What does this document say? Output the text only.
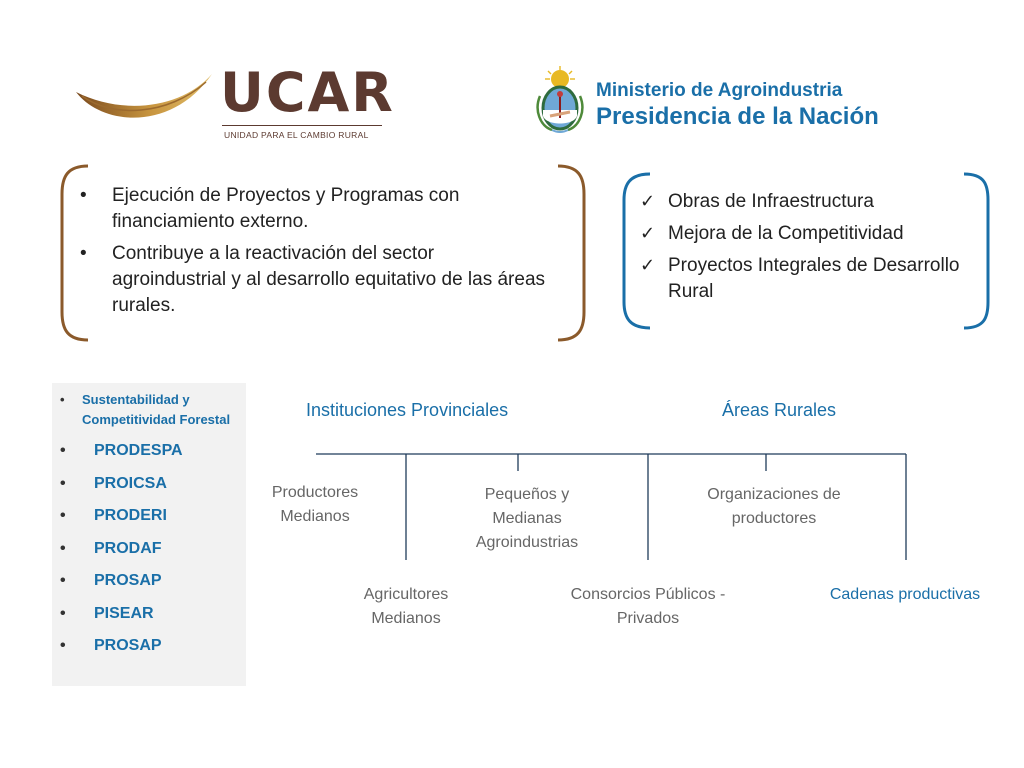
UCAR
UNIDAD PARA EL CAMBIO RURAL
Ministerio de Agroindustria
Presidencia de la Nación
• Ejecución de Proyectos y Programas con financiamiento externo.
• Contribuye a la reactivación del sector agroindustrial y al desarrollo equitativo de las áreas rurales.
✓ Obras de Infraestructura
✓ Mejora de la Competitividad
✓ Proyectos Integrales de Desarrollo Rural
• Sustentabilidad y Competitividad Forestal
• PRODESPA
• PROICSA
• PRODERI
• PRODAF
• PROSAP
• PISEAR
• PROSAP
Instituciones Provinciales	Áreas Rurales
Productores Medianos
Pequeños y Medianas Agroindustrias
Organizaciones de productores
Agricultores Medianos
Consorcios Públicos - Privados
Cadenas productivas
